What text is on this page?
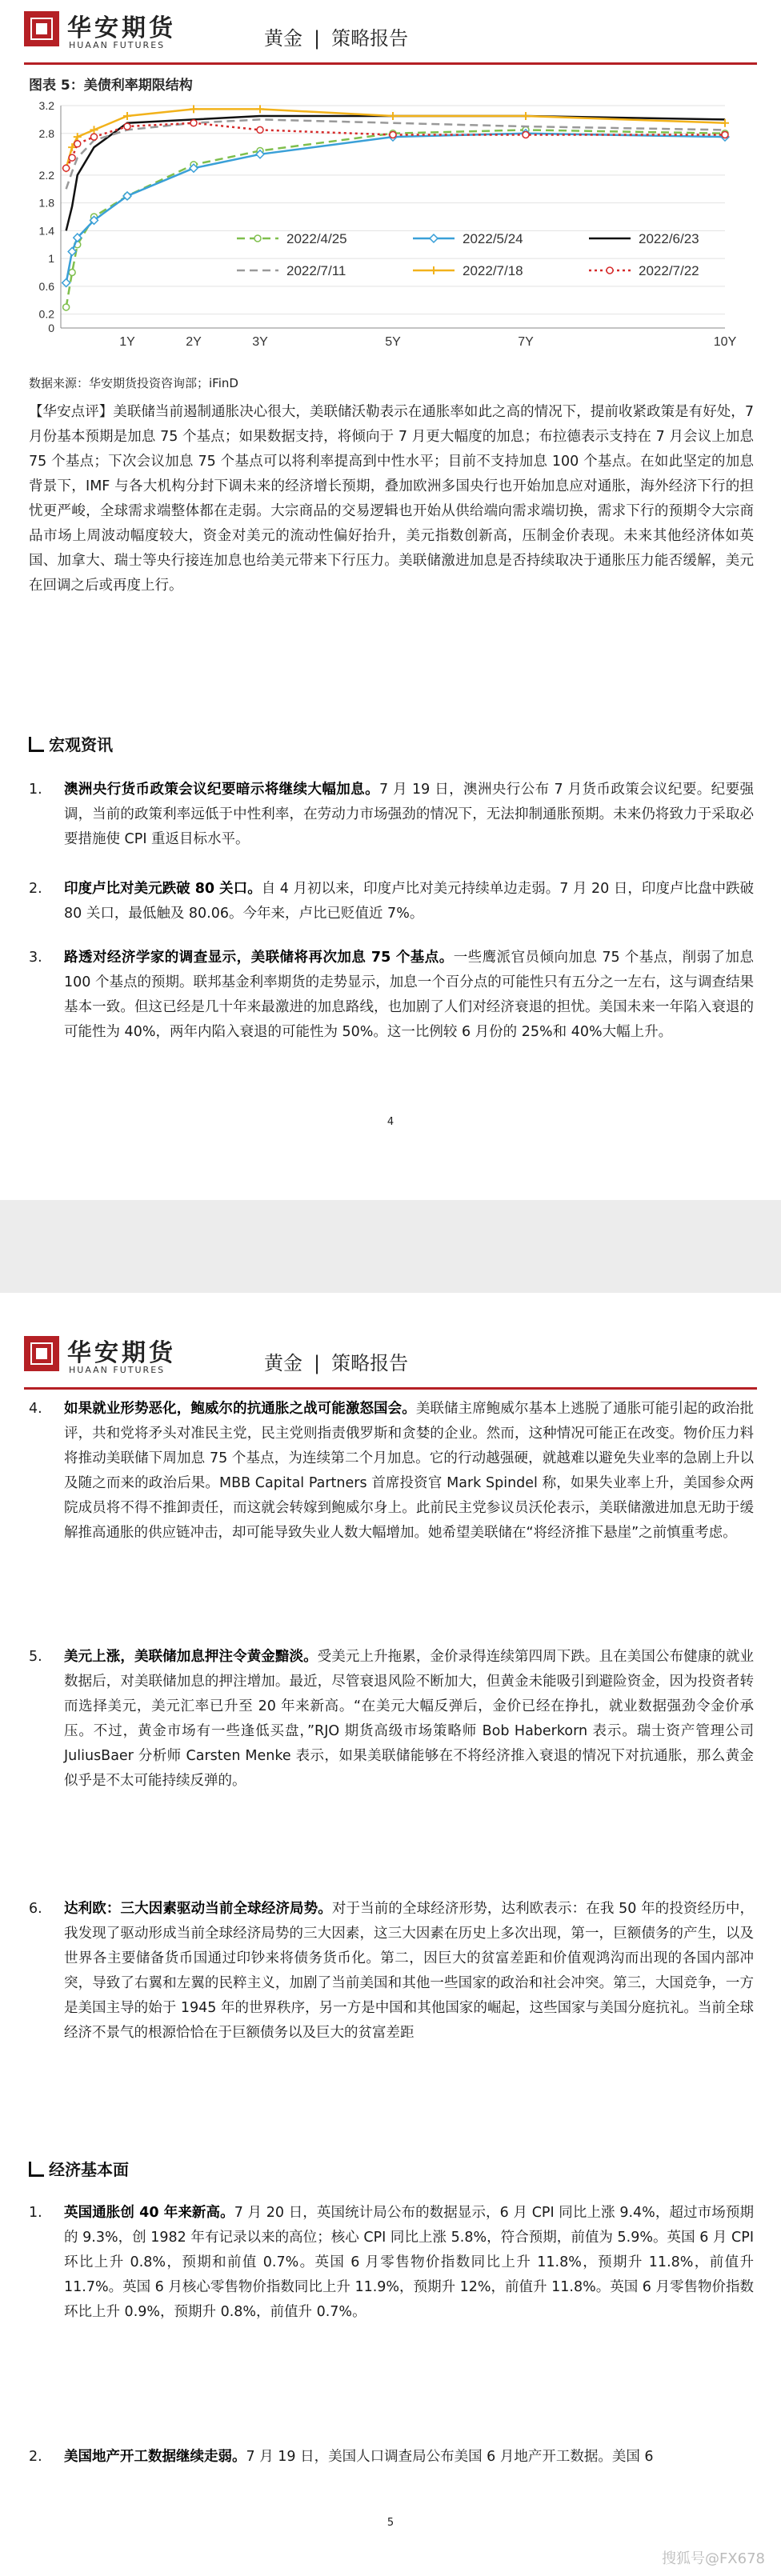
华安期货
HUAAN FUTURES	黄金 | 策略报告
图表 5：美债利率期限结构
0
0.2
0.6
1
1.4
1.8
2.2
2.8
3.2
1Y	2Y	3Y	5Y	7Y	10Y
2022/4/25	2022/5/24	2022/6/23
2022/7/11	2022/7/18	2022/7/22
数据来源：华安期货投资咨询部；iFinD
【华安点评】美联储当前遏制通胀决心很大，美联储沃勒表示在通胀率如此之高的情况下，提前收紧政策是有好处，7月份基本预期是加息 75 个基点；如果数据支持，将倾向于 7 月更大幅度的加息；布拉德表示支持在 7 月会议上加息 75 个基点；下次会议加息 75 个基点可以将利率提高到中性水平；目前不支持加息 100 个基点。在如此坚定的加息背景下，IMF 与各大机构分封下调未来的经济增长预期，叠加欧洲多国央行也开始加息应对通胀，海外经济下行的担忧更严峻，全球需求端整体都在走弱。大宗商品的交易逻辑也开始从供给端向需求端切换，需求下行的预期令大宗商品市场上周波动幅度较大，资金对美元的流动性偏好抬升，美元指数创新高，压制金价表现。未来其他经济体如英国、加拿大、瑞士等央行接连加息也给美元带来下行压力。美联储激进加息是否持续取决于通胀压力能否缓解，美元在回调之后或再度上行。
宏观资讯
1. 澳洲央行货币政策会议纪要暗示将继续大幅加息。7 月 19 日，澳洲央行公布 7 月货币政策会议纪要。纪要强调，当前的政策利率远低于中性利率，在劳动力市场强劲的情况下，无法抑制通胀预期。未来仍将致力于采取必要措施使 CPI 重返目标水平。
2. 印度卢比对美元跌破 80 关口。自 4 月初以来，印度卢比对美元持续单边走弱。7 月 20 日，印度卢比盘中跌破 80 关口，最低触及 80.06。今年来，卢比已贬值近 7%。
3. 路透对经济学家的调查显示，美联储将再次加息 75 个基点。一些鹰派官员倾向加息 75 个基点，削弱了加息 100 个基点的预期。联邦基金利率期货的走势显示，加息一个百分点的可能性只有五分之一左右，这与调查结果基本一致。但这已经是几十年来最激进的加息路线，也加剧了人们对经济衰退的担忧。美国未来一年陷入衰退的可能性为 40%，两年内陷入衰退的可能性为 50%。这一比例较 6 月份的 25%和 40%大幅上升。
4
华安期货
HUAAN FUTURES	黄金 | 策略报告
4. 如果就业形势恶化，鲍威尔的抗通胀之战可能激怒国会。美联储主席鲍威尔基本上逃脱了通胀可能引起的政治批评，共和党将矛头对准民主党，民主党则指责俄罗斯和贪婪的企业。然而，这种情况可能正在改变。物价压力料将推动美联储下周加息 75 个基点，为连续第二个月加息。它的行动越强硬，就越难以避免失业率的急剧上升以及随之而来的政治后果。MBB Capital Partners 首席投资官 Mark Spindel 称，如果失业率上升，美国参众两院成员将不得不推卸责任，而这就会转嫁到鲍威尔身上。此前民主党参议员沃伦表示，美联储激进加息无助于缓解推高通胀的供应链冲击，却可能导致失业人数大幅增加。她希望美联储在“将经济推下悬崖”之前慎重考虑。
5. 美元上涨，美联储加息押注令黄金黯淡。受美元上升拖累，金价录得连续第四周下跌。且在美国公布健康的就业数据后，对美联储加息的押注增加。最近，尽管衰退风险不断加大，但黄金未能吸引到避险资金，因为投资者转而选择美元，美元汇率已升至 20 年来新高。“在美元大幅反弹后，金价已经在挣扎，就业数据强劲令金价承压。不过，黄金市场有一些逢低买盘，”RJO 期货高级市场策略师 Bob Haberkorn 表示。瑞士资产管理公司 JuliusBaer 分析师 Carsten Menke 表示，如果美联储能够在不将经济推入衰退的情况下对抗通胀，那么黄金似乎是不太可能持续反弹的。
6. 达利欧：三大因素驱动当前全球经济局势。对于当前的全球经济形势，达利欧表示：在我 50 年的投资经历中，我发现了驱动形成当前全球经济局势的三大因素，这三大因素在历史上多次出现，第一，巨额债务的产生，以及世界各主要储备货币国通过印钞来将债务货币化。第二，因巨大的贫富差距和价值观鸿沟而出现的各国内部冲突，导致了右翼和左翼的民粹主义，加剧了当前美国和其他一些国家的政治和社会冲突。第三，大国竞争，一方是美国主导的始于 1945 年的世界秩序，另一方是中国和其他国家的崛起，这些国家与美国分庭抗礼。当前全球经济不景气的根源恰恰在于巨额债务以及巨大的贫富差距
经济基本面
1. 英国通胀创 40 年来新高。7 月 20 日，英国统计局公布的数据显示，6 月 CPI 同比上涨 9.4%，超过市场预期的 9.3%，创 1982 年有记录以来的高位；核心 CPI 同比上涨 5.8%，符合预期，前值为 5.9%。英国 6 月 CPI 环比上升 0.8%，预期和前值 0.7%。英国 6 月零售物价指数同比上升 11.8%，预期升 11.8%，前值升 11.7%。英国 6 月核心零售物价指数同比上升 11.9%，预期升 12%，前值升 11.8%。英国 6 月零售物价指数环比上升 0.9%，预期升 0.8%，前值升 0.7%。
2. 美国地产开工数据继续走弱。7 月 19 日，美国人口调查局公布美国 6 月地产开工数据。美国 6
5
搜狐号@FX678
